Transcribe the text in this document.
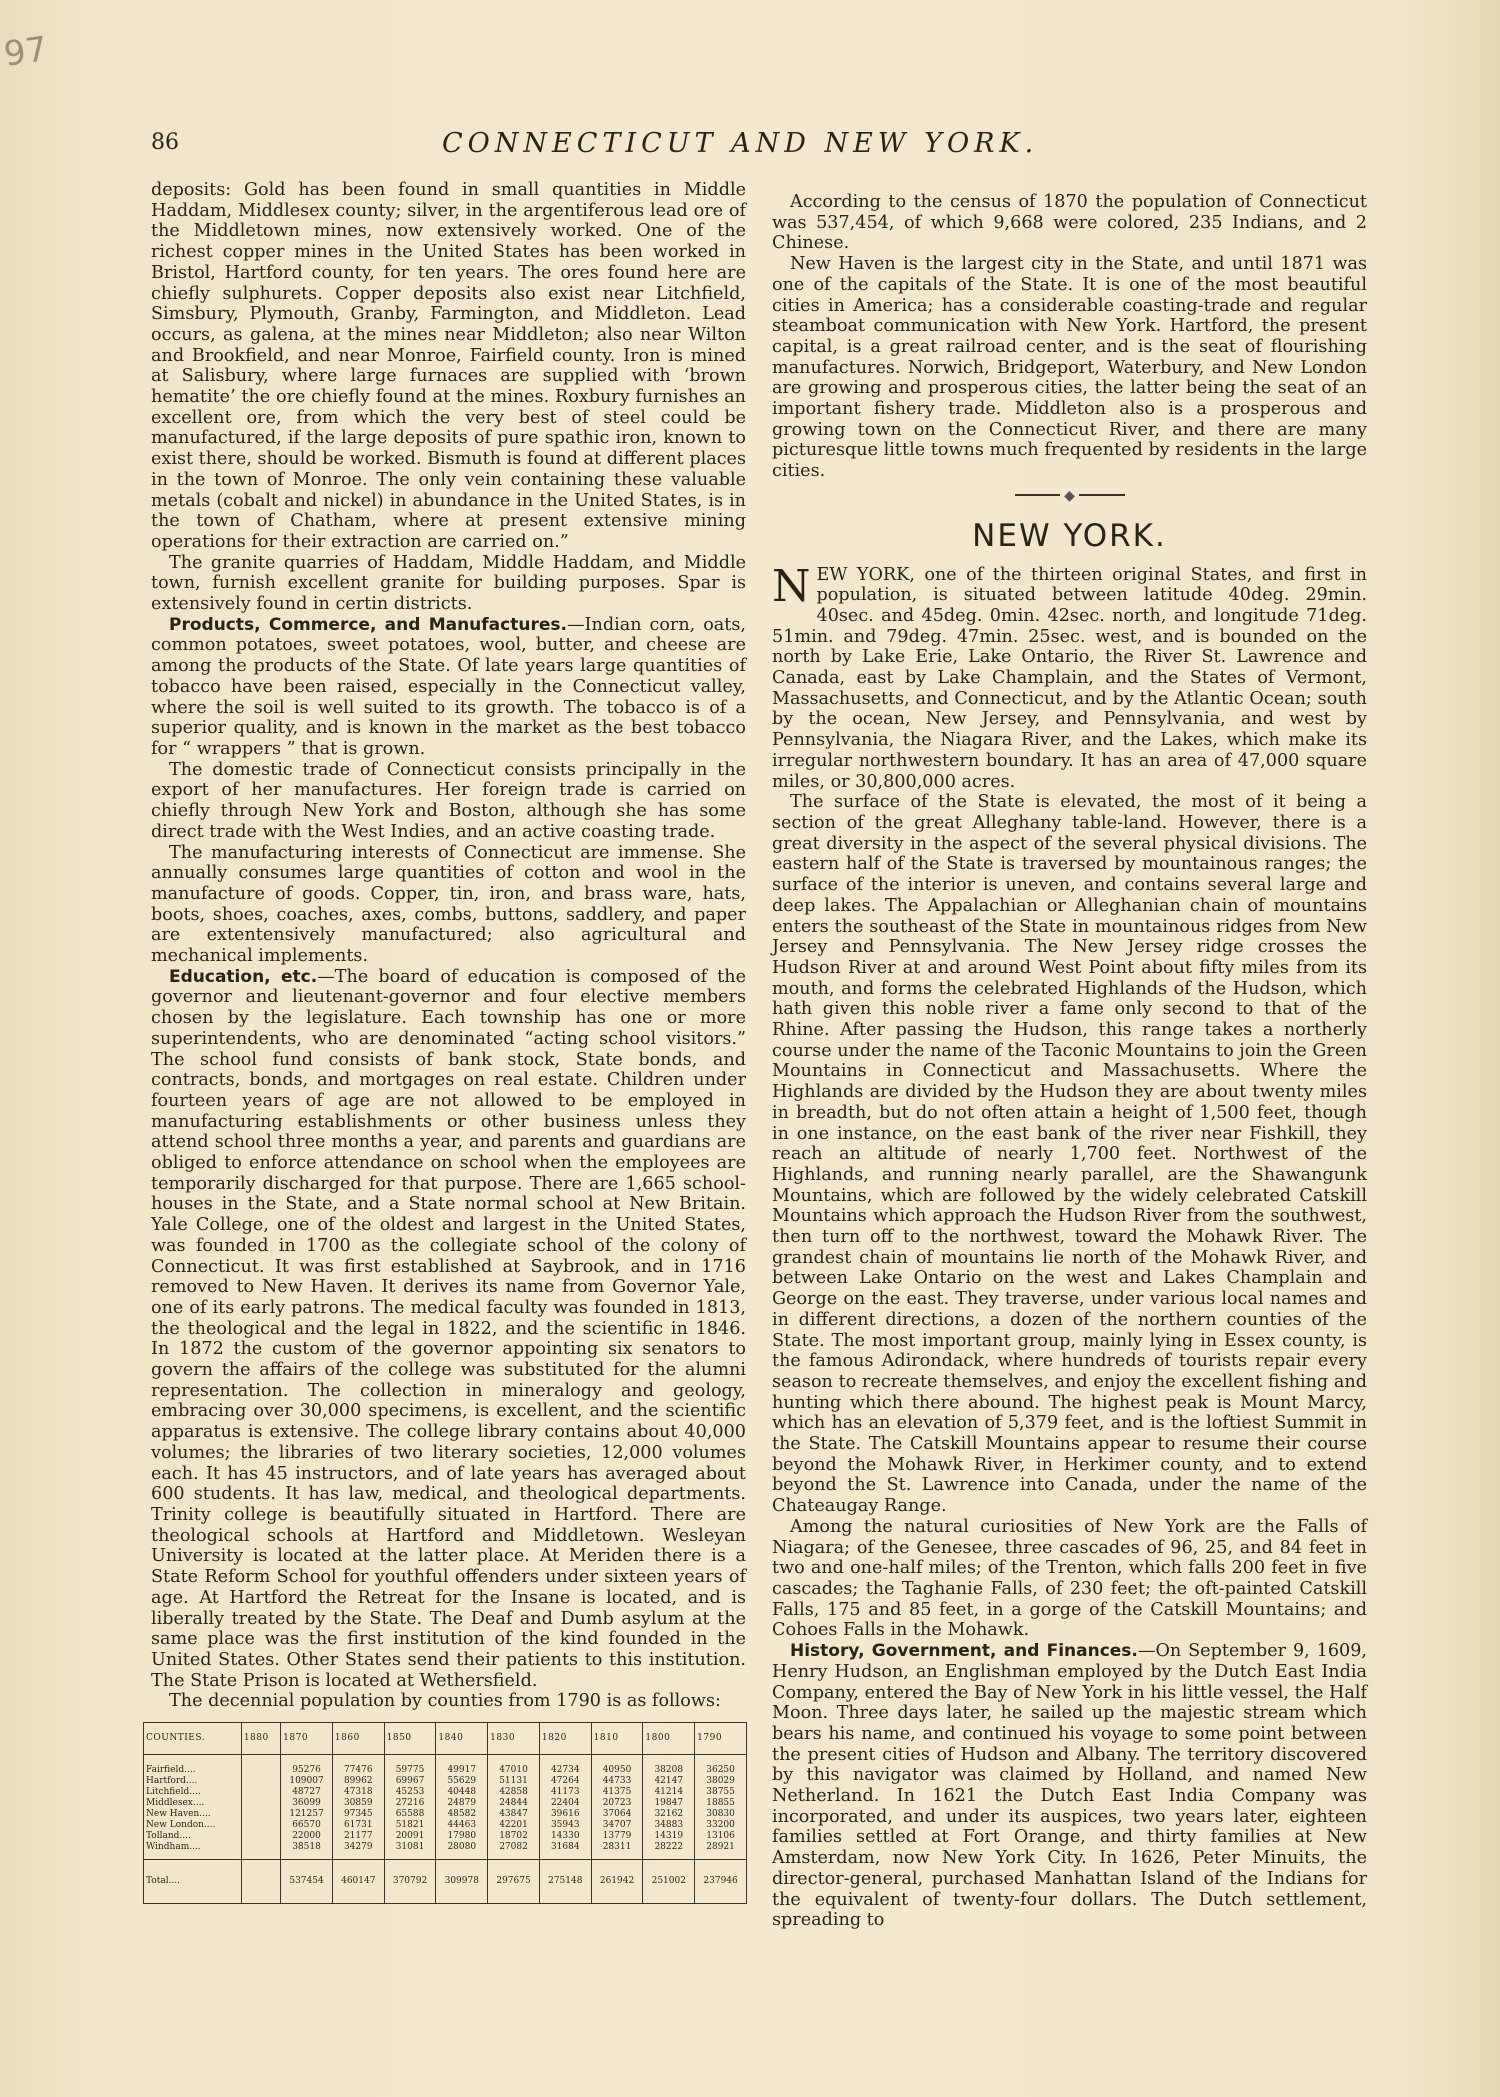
97
86	CONNECTICUT AND NEW YORK.

deposits: Gold has been found in small quantities in Middle Haddam, Middlesex county; silver, in the argentiferous lead ore of the Middletown mines, now extensively worked. One of the richest copper mines in the United States has been worked in Bristol, Hartford county, for ten years. The ores found here are chiefly sulphurets. Copper deposits also exist near Litchfield, Simsbury, Plymouth, Granby, Farmington, and Middleton. Lead occurs, as galena, at the mines near Middleton; also near Wilton and Brookfield, and near Monroe, Fairfield county. Iron is mined at Salisbury, where large furnaces are supplied with ‘brown hematite’ the ore chiefly found at the mines. Roxbury furnishes an excellent ore, from which the very best of steel could be manufactured, if the large deposits of pure spathic iron, known to exist there, should be worked. Bismuth is found at different places in the town of Monroe. The only vein containing these valuable metals (cobalt and nickel) in abundance in the United States, is in the town of Chatham, where at present extensive mining operations for their extraction are carried on.”

The granite quarries of Haddam, Middle Haddam, and Middle town, furnish excellent granite for building purposes. Spar is extensively found in certin districts.

Products, Commerce, and Manufactures.—Indian corn, oats, common potatoes, sweet potatoes, wool, butter, and cheese are among the products of the State. Of late years large quantities of tobacco have been raised, especially in the Connecticut valley, where the soil is well suited to its growth. The tobacco is of a superior quality, and is known in the market as the best tobacco for “ wrappers ” that is grown.

The domestic trade of Connecticut consists principally in the export of her manufactures. Her foreign trade is carried on chiefly through New York and Boston, although she has some direct trade with the West Indies, and an active coasting trade.

The manufacturing interests of Connecticut are immense. She annually consumes large quantities of cotton and wool in the manufacture of goods. Copper, tin, iron, and brass ware, hats, boots, shoes, coaches, axes, combs, buttons, saddlery, and paper are extentensively manufactured; also agricultural and mechanical implements.

Education, etc.—The board of education is composed of the governor and lieutenant-governor and four elective members chosen by the legislature. Each township has one or more superintendents, who are denominated “acting school visitors.” The school fund consists of bank stock, State bonds, and contracts, bonds, and mortgages on real estate. Children under fourteen years of age are not allowed to be employed in manufacturing establishments or other business unless they attend school three months a year, and parents and guardians are obliged to enforce attendance on school when the employees are temporarily discharged for that purpose. There are 1,665 school-houses in the State, and a State normal school at New Britain. Yale College, one of the oldest and largest in the United States, was founded in 1700 as the collegiate school of the colony of Connecticut. It was first established at Saybrook, and in 1716 removed to New Haven. It derives its name from Governor Yale, one of its early patrons. The medical faculty was founded in 1813, the theological and the legal in 1822, and the scientific in 1846. In 1872 the custom of the governor appointing six senators to govern the affairs of the college was substituted for the alumni representation. The collection in mineralogy and geology, embracing over 30,000 specimens, is excellent, and the scientific apparatus is extensive. The college library contains about 40,000 volumes; the libraries of two literary societies, 12,000 volumes each. It has 45 instructors, and of late years has averaged about 600 students. It has law, medical, and theological departments. Trinity college is beautifully situated in Hartford. There are theological schools at Hartford and Middletown. Wesleyan University is located at the latter place. At Meriden there is a State Reform School for youthful offenders under sixteen years of age. At Hartford the Retreat for the Insane is located, and is liberally treated by the State. The Deaf and Dumb asylum at the same place was the first institution of the kind founded in the United States. Other States send their patients to this institution. The State Prison is located at Wethersfield.

The decennial population by counties from 1790 is as follows:

COUNTIES.	1880	1870	1860	1850	1840	1830	1820	1810	1800	1790
Fairfield....		95276	77476	59775	49917	47010	42734	40950	38208	36250
Hartford....		109007	89962	69967	55629	51131	47264	44733	42147	38029
Litchfield....		48727	47318	45253	40448	42858	41173	41375	41214	38755
Middlesex....		36099	30859	27216	24879	24844	22404	20723	19847	18855
New Haven....		121257	97345	65588	48582	43847	39616	37064	32162	30830
New London....		66570	61731	51821	44463	42201	35943	34707	34883	33200
Tolland....		22000	21177	20091	17980	18702	14330	13779	14319	13106
Windham....		38518	34279	31081	28080	27082	31684	28311	28222	28921
Total....		537454	460147	370792	309978	297675	275148	261942	251002	237946

According to the census of 1870 the population of Connecticut was 537,454, of which 9,668 were colored, 235 Indians, and 2 Chinese.

New Haven is the largest city in the State, and until 1871 was one of the capitals of the State. It is one of the most beautiful cities in America; has a considerable coasting-trade and regular steamboat communication with New York. Hartford, the present capital, is a great railroad center, and is the seat of flourishing manufactures. Norwich, Bridgeport, Waterbury, and New London are growing and prosperous cities, the latter being the seat of an important fishery trade. Middleton also is a prosperous and growing town on the Connecticut River, and there are many picturesque little towns much frequented by residents in the large cities.

◆
NEW YORK.

NEW YORK, one of the thirteen original States, and first in population, is situated between latitude 40deg. 29min. 40sec. and 45deg. 0min. 42sec. north, and longitude 71deg. 51min. and 79deg. 47min. 25sec. west, and is bounded on the north by Lake Erie, Lake Ontario, the River St. Lawrence and Canada, east by Lake Champlain, and the States of Vermont, Massachusetts, and Connecticut, and by the Atlantic Ocean; south by the ocean, New Jersey, and Pennsylvania, and west by Pennsylvania, the Niagara River, and the Lakes, which make its irregular northwestern boundary. It has an area of 47,000 square miles, or 30,800,000 acres.

The surface of the State is elevated, the most of it being a section of the great Alleghany table-land. However, there is a great diversity in the aspect of the several physical divisions. The eastern half of the State is traversed by mountainous ranges; the surface of the interior is uneven, and contains several large and deep lakes. The Appalachian or Alleghanian chain of mountains enters the southeast of the State in mountainous ridges from New Jersey and Pennsylvania. The New Jersey ridge crosses the Hudson River at and around West Point about fifty miles from its mouth, and forms the celebrated Highlands of the Hudson, which hath given this noble river a fame only second to that of the Rhine. After passing the Hudson, this range takes a northerly course under the name of the Taconic Mountains to join the Green Mountains in Connecticut and Massachusetts. Where the Highlands are divided by the Hudson they are about twenty miles in breadth, but do not often attain a height of 1,500 feet, though in one instance, on the east bank of the river near Fishkill, they reach an altitude of nearly 1,700 feet. Northwest of the Highlands, and running nearly parallel, are the Shawangunk Mountains, which are followed by the widely celebrated Catskill Mountains which approach the Hudson River from the southwest, then turn off to the northwest, toward the Mohawk River. The grandest chain of mountains lie north of the Mohawk River, and between Lake Ontario on the west and Lakes Champlain and George on the east. They traverse, under various local names and in different directions, a dozen of the northern counties of the State. The most important group, mainly lying in Essex county, is the famous Adirondack, where hundreds of tourists repair every season to recreate themselves, and enjoy the excellent fishing and hunting which there abound. The highest peak is Mount Marcy, which has an elevation of 5,379 feet, and is the loftiest Summit in the State. The Catskill Mountains appear to resume their course beyond the Mohawk River, in Herkimer county, and to extend beyond the St. Lawrence into Canada, under the name of the Chateaugay Range.

Among the natural curiosities of New York are the Falls of Niagara; of the Genesee, three cascades of 96, 25, and 84 feet in two and one-half miles; of the Trenton, which falls 200 feet in five cascades; the Taghanie Falls, of 230 feet; the oft-painted Catskill Falls, 175 and 85 feet, in a gorge of the Catskill Mountains; and Cohoes Falls in the Mohawk.

History, Government, and Finances.—On September 9, 1609, Henry Hudson, an Englishman employed by the Dutch East India Company, entered the Bay of New York in his little vessel, the Half Moon. Three days later, he sailed up the majestic stream which bears his name, and continued his voyage to some point between the present cities of Hudson and Albany. The territory discovered by this navigator was claimed by Holland, and named New Netherland. In 1621 the Dutch East India Company was incorporated, and under its auspices, two years later, eighteen families settled at Fort Orange, and thirty families at New Amsterdam, now New York City. In 1626, Peter Minuits, the director-general, purchased Manhattan Island of the Indians for the equivalent of twenty-four dollars. The Dutch settlement, spreading to
